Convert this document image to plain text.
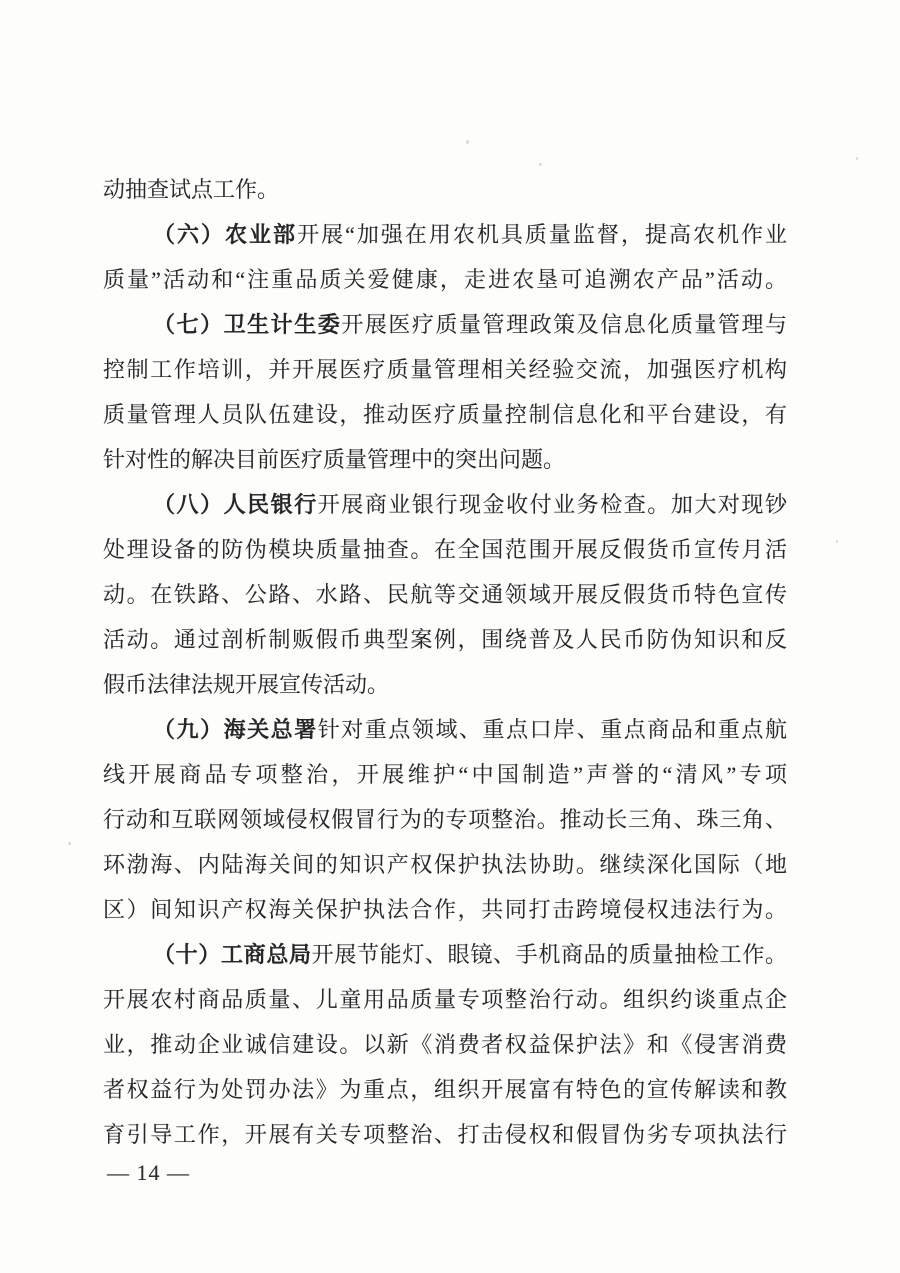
动抽查试点工作。
（六）农业部开展“加强在用农机具质量监督，提高农机作业
质量”活动和“注重品质关爱健康，走进农垦可追溯农产品”活动。
（七）卫生计生委开展医疗质量管理政策及信息化质量管理与
控制工作培训，并开展医疗质量管理相关经验交流，加强医疗机构
质量管理人员队伍建设，推动医疗质量控制信息化和平台建设，有
针对性的解决目前医疗质量管理中的突出问题。
（八）人民银行开展商业银行现金收付业务检查。加大对现钞
处理设备的防伪模块质量抽查。在全国范围开展反假货币宣传月活
动。在铁路、公路、水路、民航等交通领域开展反假货币特色宣传
活动。通过剖析制贩假币典型案例，围绕普及人民币防伪知识和反
假币法律法规开展宣传活动。
（九）海关总署针对重点领域、重点口岸、重点商品和重点航
线开展商品专项整治，开展维护“中国制造”声誉的“清风”专项
行动和互联网领域侵权假冒行为的专项整治。推动长三角、珠三角、
环渤海、内陆海关间的知识产权保护执法协助。继续深化国际（地
区）间知识产权海关保护执法合作，共同打击跨境侵权违法行为。
（十）工商总局开展节能灯、眼镜、手机商品的质量抽检工作。
开展农村商品质量、儿童用品质量专项整治行动。组织约谈重点企
业，推动企业诚信建设。以新《消费者权益保护法》和《侵害消费
者权益行为处罚办法》为重点，组织开展富有特色的宣传解读和教
育引导工作，开展有关专项整治、打击侵权和假冒伪劣专项执法行
— 14 —
